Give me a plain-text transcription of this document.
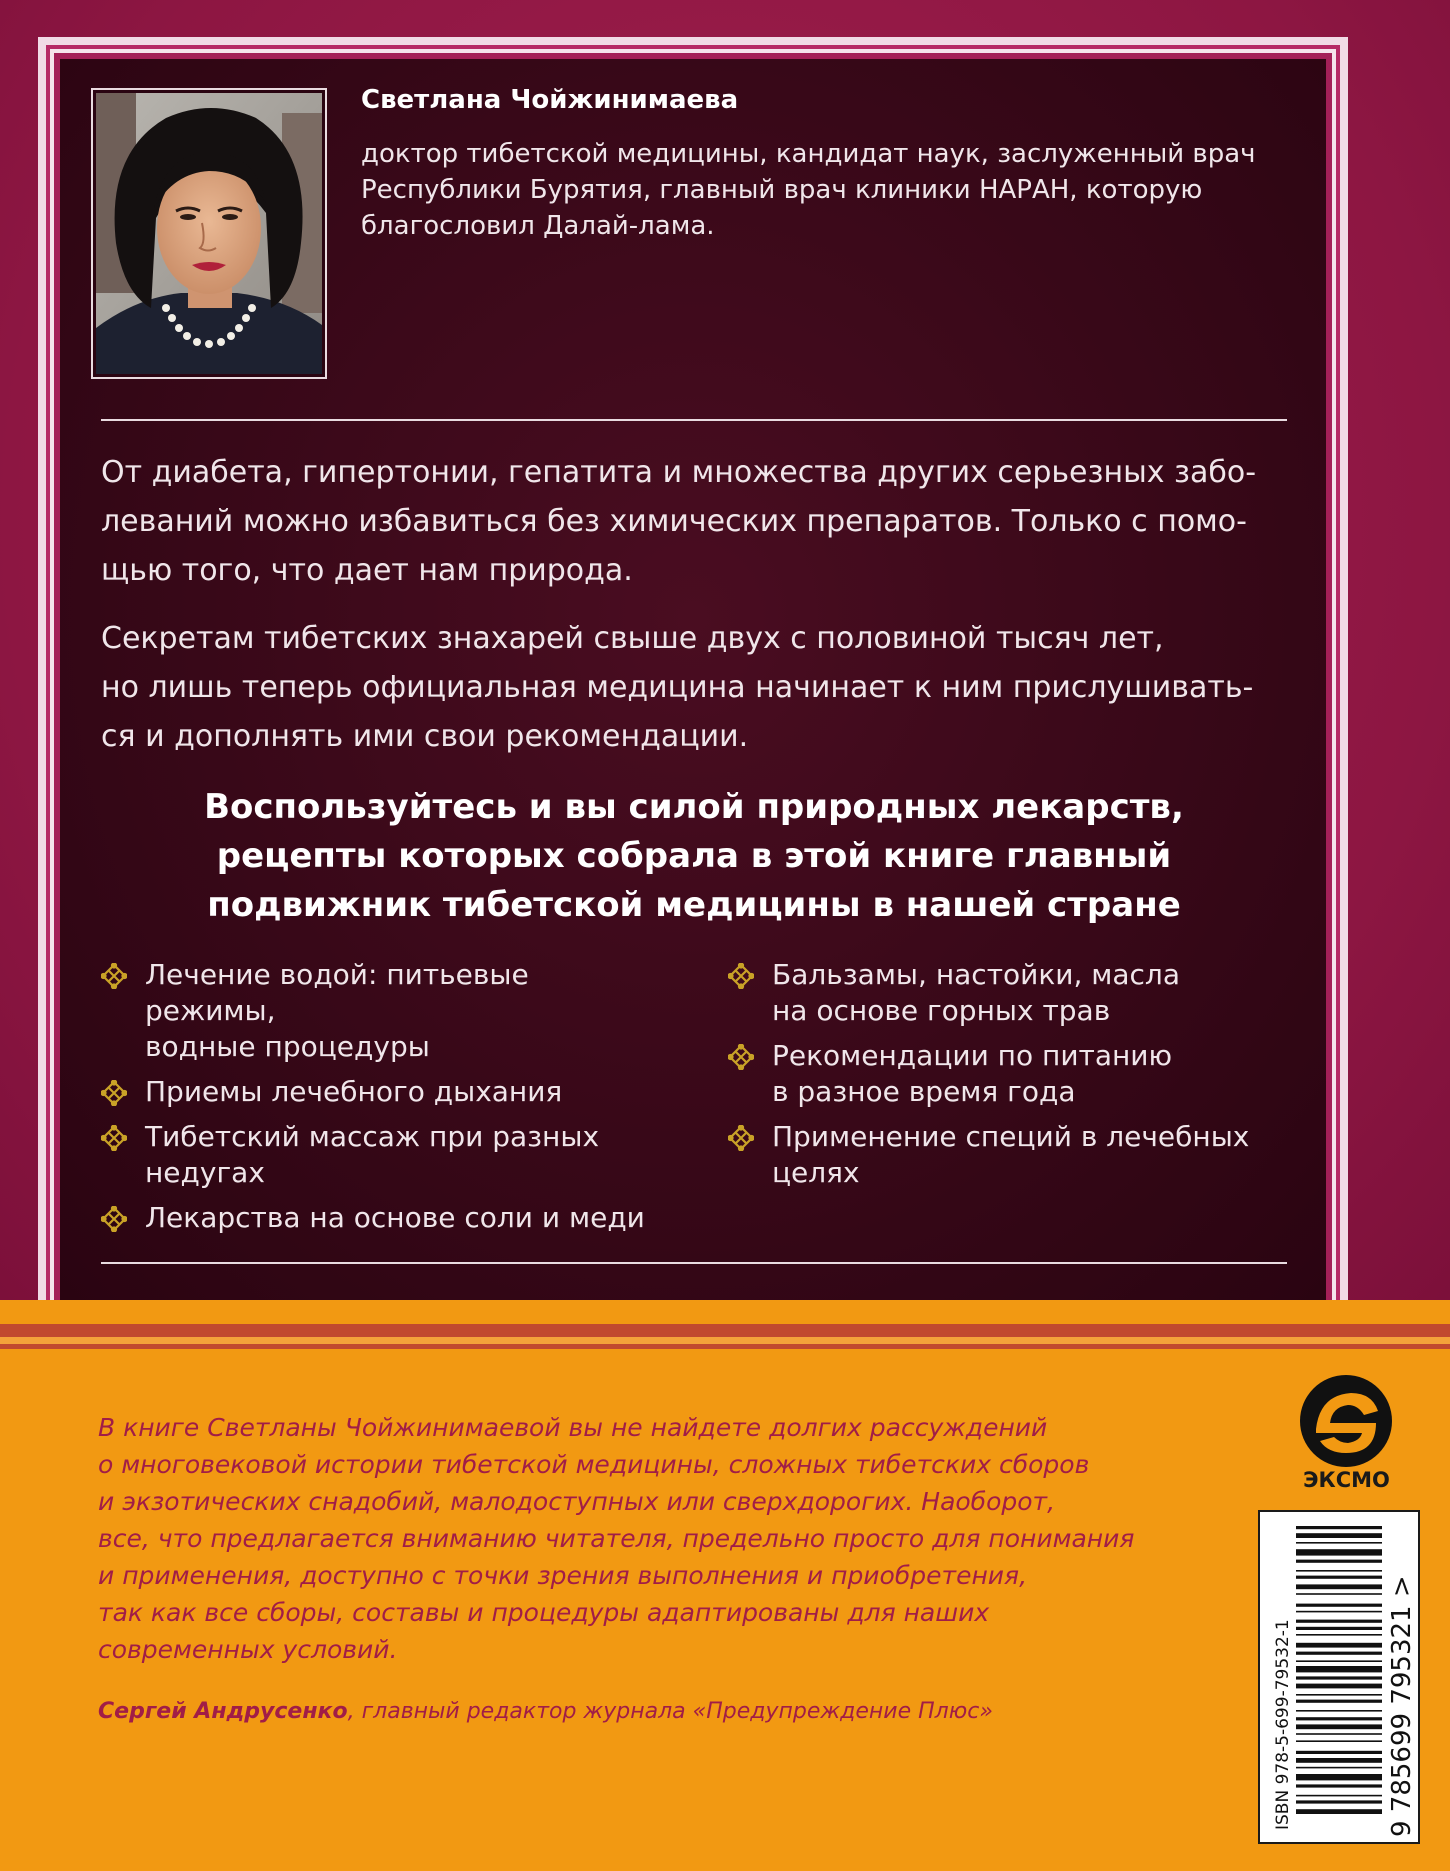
Светлана Чойжинимаева

доктор тибетской медицины, кандидат наук, заслуженный врач
Республики Бурятия, главный врач клиники НАРАН, которую
благословил Далай-лама.

От диабета, гипертонии, гепатита и множества других серьезных забо-
леваний можно избавиться без химических препаратов. Только с помо-
щью того, что дает нам природа.

Секретам тибетских знахарей свыше двух с половиной тысяч лет,
но лишь теперь официальная медицина начинает к ним прислушивать-
ся и дополнять ими свои рекомендации.

Воспользуйтесь и вы силой природных лекарств,
рецепты которых собрала в этой книге главный
подвижник тибетской медицины в нашей стране

Лечение водой: питьевые режимы,
водные процедуры
Приемы лечебного дыхания
Тибетский массаж при разных
недугах
Лекарства на основе соли и меди
Бальзамы, настойки, масла
на основе горных трав
Рекомендации по питанию
в разное время года
Применение специй в лечебных
целях

В книге Светланы Чойжинимаевой вы не найдете долгих рассуждений
о многовековой истории тибетской медицины, сложных тибетских сборов
и экзотических снадобий, малодоступных или сверхдорогих. Наоборот,
все, что предлагается вниманию читателя, предельно просто для понимания
и применения, доступно с точки зрения выполнения и приобретения,
так как все сборы, составы и процедуры адаптированы для наших
современных условий.

Сергей Андрусенко, главный редактор журнала «Предупреждение Плюс»

ЭКСМО
ISBN 978-5-699-79532-1	9 785699 795321 >
